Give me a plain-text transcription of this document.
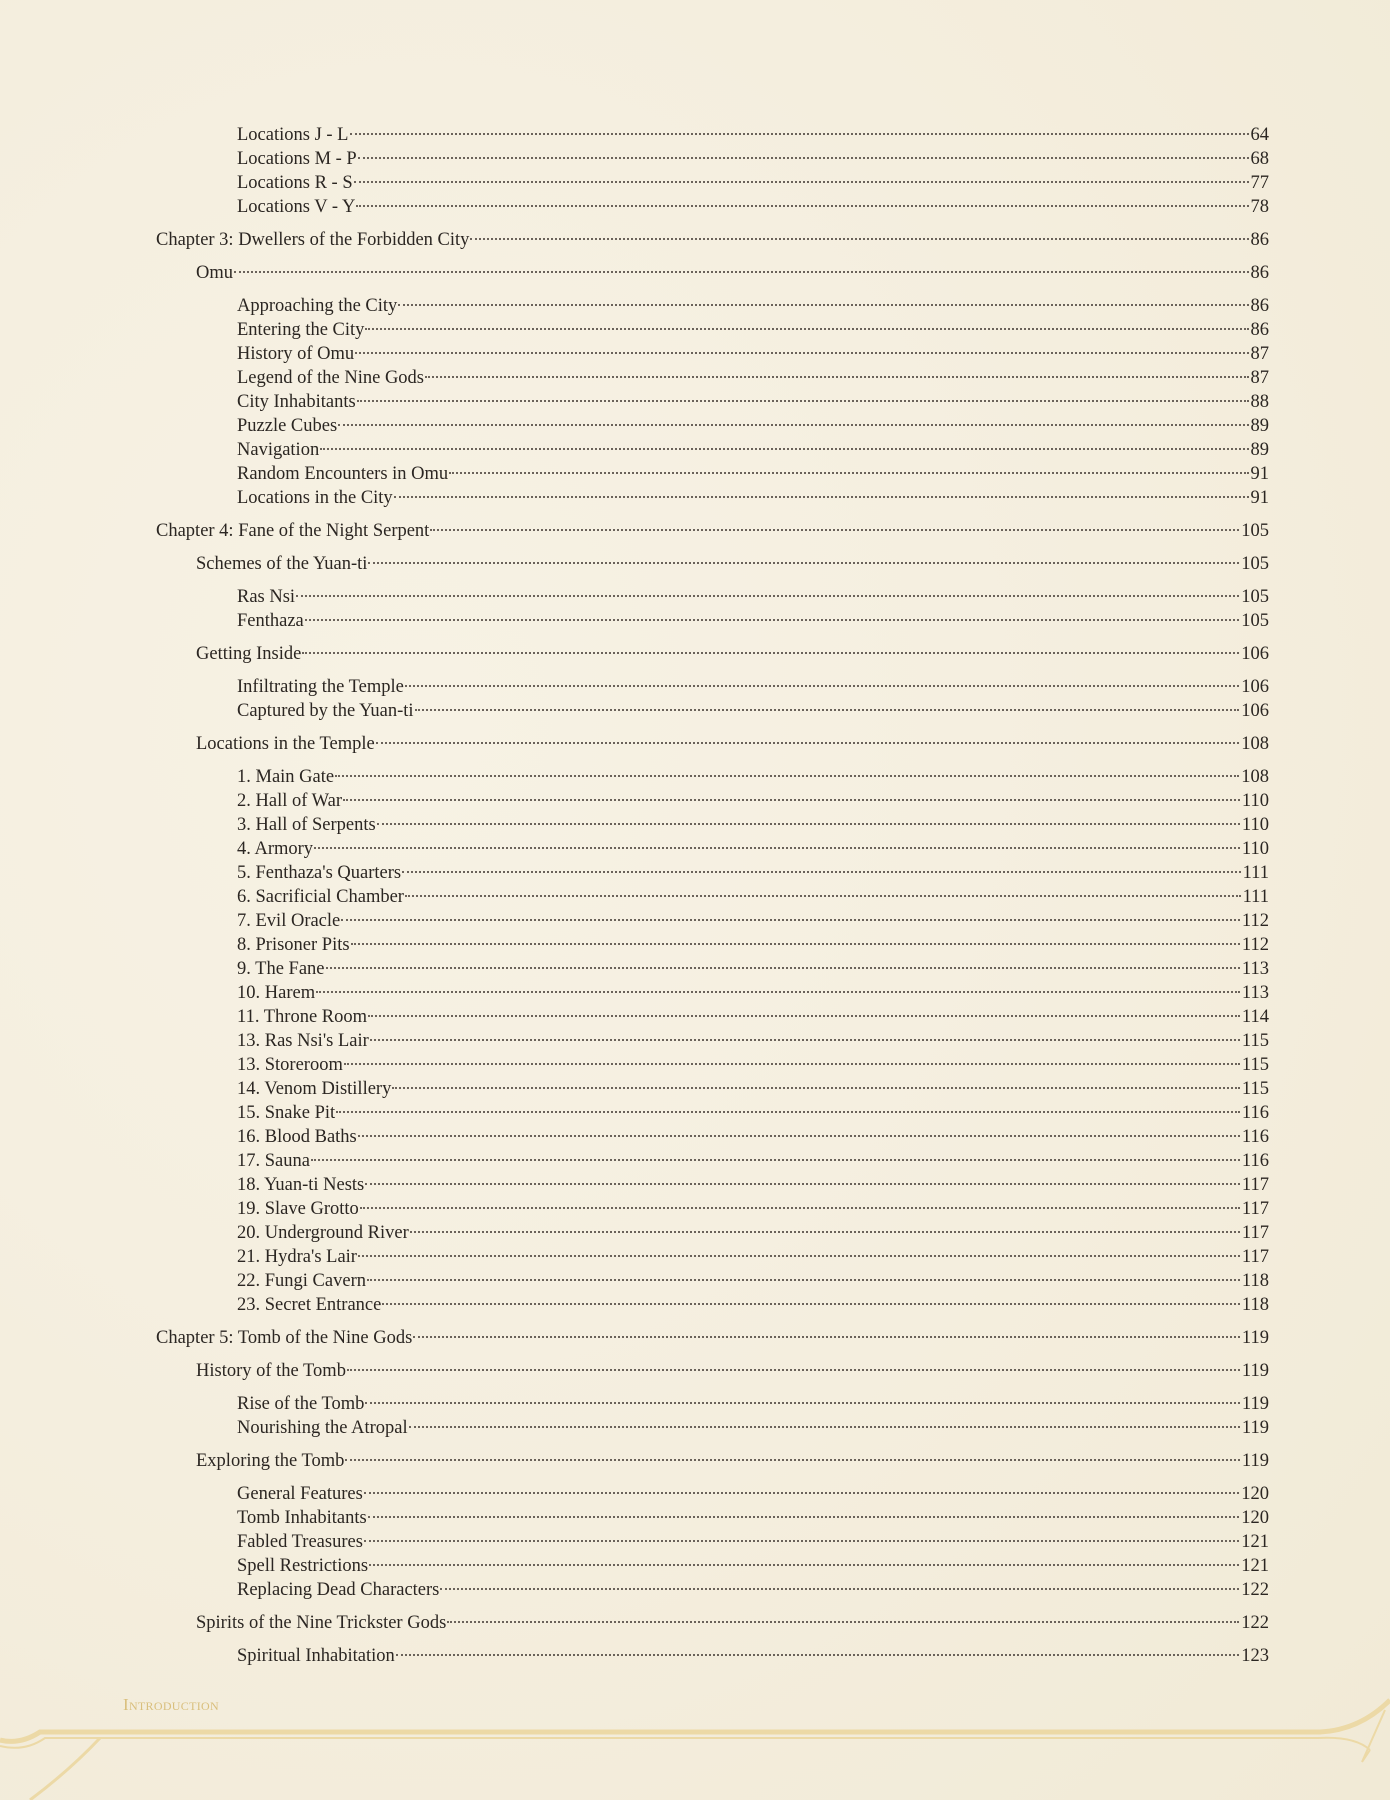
Locations J - L	64
Locations M - P	68
Locations R - S	77
Locations V - Y	78
Chapter 3: Dwellers of the Forbidden City	86
Omu	86
Approaching the City	86
Entering the City	86
History of Omu	87
Legend of the Nine Gods	87
City Inhabitants	88
Puzzle Cubes	89
Navigation	89
Random Encounters in Omu	91
Locations in the City	91
Chapter 4: Fane of the Night Serpent	105
Schemes of the Yuan-ti	105
Ras Nsi	105
Fenthaza	105
Getting Inside	106
Infiltrating the Temple	106
Captured by the Yuan-ti	106
Locations in the Temple	108
1. Main Gate	108
2. Hall of War	110
3. Hall of Serpents	110
4. Armory	110
5. Fenthaza's Quarters	111
6. Sacrificial Chamber	111
7. Evil Oracle	112
8. Prisoner Pits	112
9. The Fane	113
10. Harem	113
11. Throne Room	114
13. Ras Nsi's Lair	115
13. Storeroom	115
14. Venom Distillery	115
15. Snake Pit	116
16. Blood Baths	116
17. Sauna	116
18. Yuan-ti Nests	117
19. Slave Grotto	117
20. Underground River	117
21. Hydra's Lair	117
22. Fungi Cavern	118
23. Secret Entrance	118
Chapter 5: Tomb of the Nine Gods	119
History of the Tomb	119
Rise of the Tomb	119
Nourishing the Atropal	119
Exploring the Tomb	119
General Features	120
Tomb Inhabitants	120
Fabled Treasures	121
Spell Restrictions	121
Replacing Dead Characters	122
Spirits of the Nine Trickster Gods	122
Spiritual Inhabitation	123
Introduction
